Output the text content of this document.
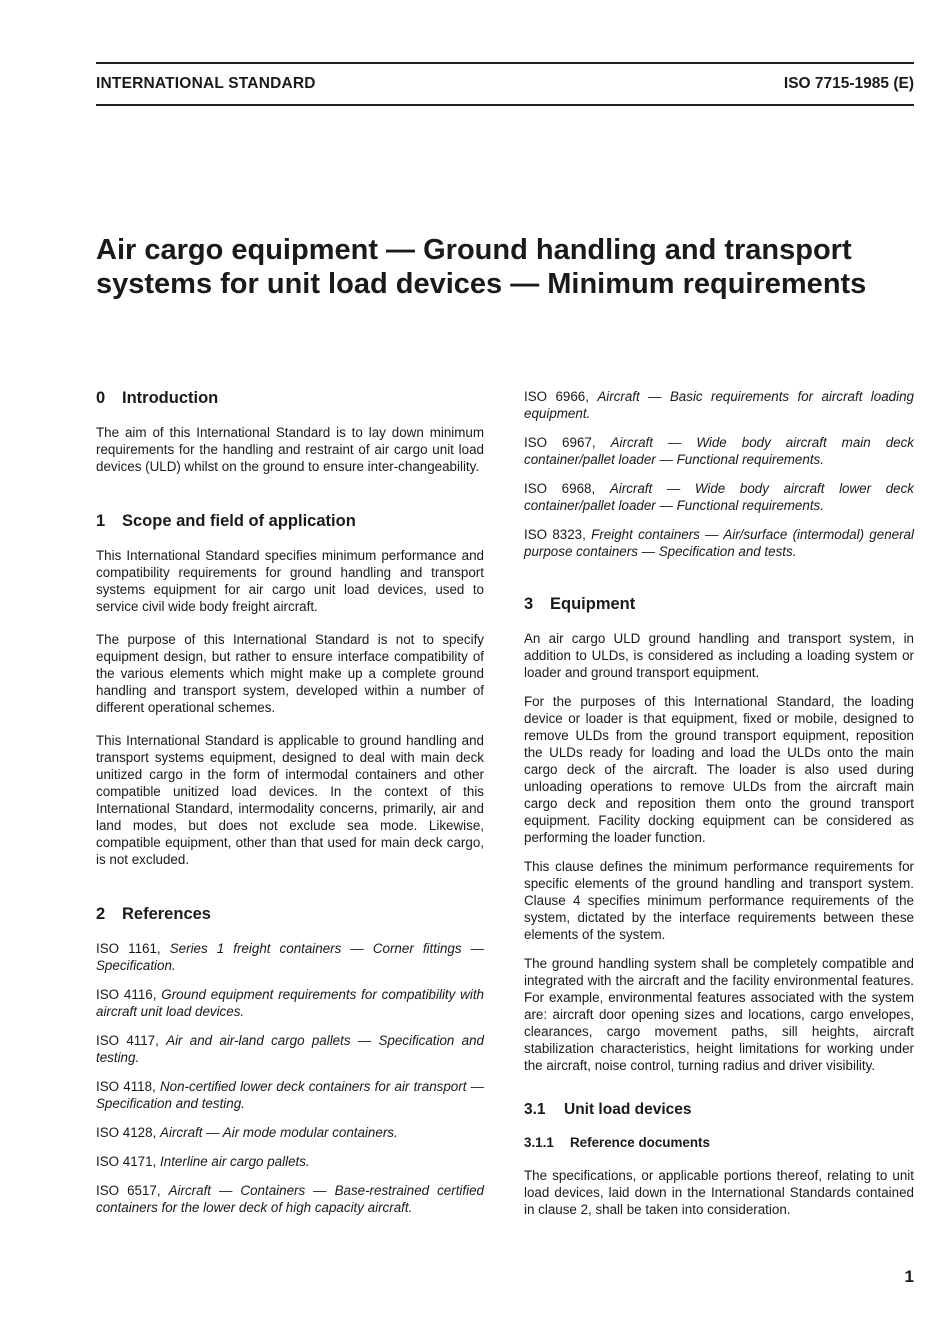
INTERNATIONAL STANDARD	ISO 7715-1985 (E)
Air cargo equipment — Ground handling and transport
systems for unit load devices — Minimum requirements
0 Introduction

The aim of this International Standard is to lay down minimum requirements for the handling and restraint of air cargo unit load devices (ULD) whilst on the ground to ensure inter-changeability.

1 Scope and field of application

This International Standard specifies minimum performance and compatibility requirements for ground handling and transport systems equipment for air cargo unit load devices, used to service civil wide body freight aircraft.

The purpose of this International Standard is not to specify equipment design, but rather to ensure interface compatibility of the various elements which might make up a complete ground handling and transport system, developed within a number of different operational schemes.

This International Standard is applicable to ground handling and transport systems equipment, designed to deal with main deck unitized cargo in the form of intermodal containers and other compatible unitized load devices. In the context of this International Standard, intermodality concerns, primarily, air and land modes, but does not exclude sea mode. Likewise, compatible equipment, other than that used for main deck cargo, is not excluded.

2 References

ISO 1161, Series 1 freight containers — Corner fittings — Specification.

ISO 4116, Ground equipment requirements for compatibility with aircraft unit load devices.

ISO 4117, Air and air-land cargo pallets — Specification and testing.

ISO 4118, Non-certified lower deck containers for air transport — Specification and testing.

ISO 4128, Aircraft — Air mode modular containers.

ISO 4171, Interline air cargo pallets.

ISO 6517, Aircraft — Containers — Base-restrained certified containers for the lower deck of high capacity aircraft.

ISO 6966, Aircraft — Basic requirements for aircraft loading equipment.

ISO 6967, Aircraft — Wide body aircraft main deck container/pallet loader — Functional requirements.

ISO 6968, Aircraft — Wide body aircraft lower deck container/pallet loader — Functional requirements.

ISO 8323, Freight containers — Air/surface (intermodal) general purpose containers — Specification and tests.

3 Equipment

An air cargo ULD ground handling and transport system, in addition to ULDs, is considered as including a loading system or loader and ground transport equipment.

For the purposes of this International Standard, the loading device or loader is that equipment, fixed or mobile, designed to remove ULDs from the ground transport equipment, reposition the ULDs ready for loading and load the ULDs onto the main cargo deck of the aircraft. The loader is also used during unloading operations to remove ULDs from the aircraft main cargo deck and reposition them onto the ground transport equipment. Facility docking equipment can be considered as performing the loader function.

This clause defines the minimum performance requirements for specific elements of the ground handling and transport system. Clause 4 specifies minimum performance requirements of the system, dictated by the interface requirements between these elements of the system.

The ground handling system shall be completely compatible and integrated with the aircraft and the facility environmental features. For example, environmental features associated with the system are: aircraft door opening sizes and locations, cargo envelopes, clearances, cargo movement paths, sill heights, aircraft stabilization characteristics, height limitations for working under the aircraft, noise control, turning radius and driver visibility.

3.1 Unit load devices
3.1.1 Reference documents

The specifications, or applicable portions thereof, relating to unit load devices, laid down in the International Standards contained in clause 2, shall be taken into consideration.

1
